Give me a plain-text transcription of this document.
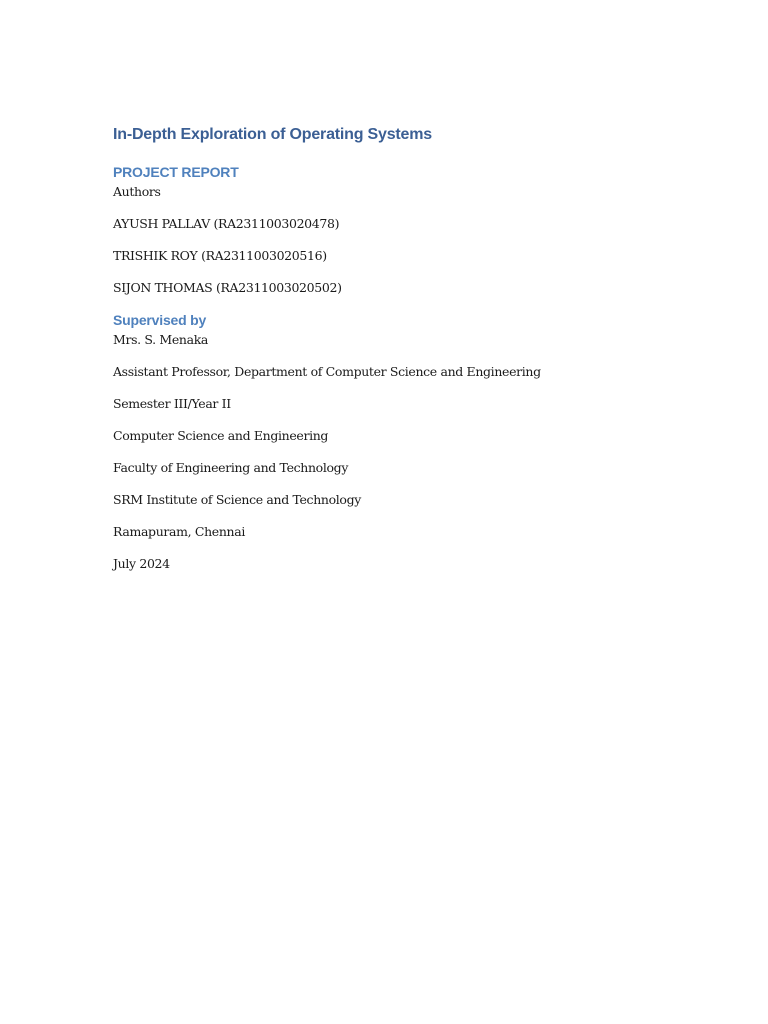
In-Depth Exploration of Operating Systems
PROJECT REPORT

Authors

AYUSH PALLAV (RA2311003020478)

TRISHIK ROY (RA2311003020516)

SIJON THOMAS (RA2311003020502)

Supervised by

Mrs. S. Menaka

Assistant Professor, Department of Computer Science and Engineering

Semester III/Year II

Computer Science and Engineering

Faculty of Engineering and Technology

SRM Institute of Science and Technology

Ramapuram, Chennai

July 2024
